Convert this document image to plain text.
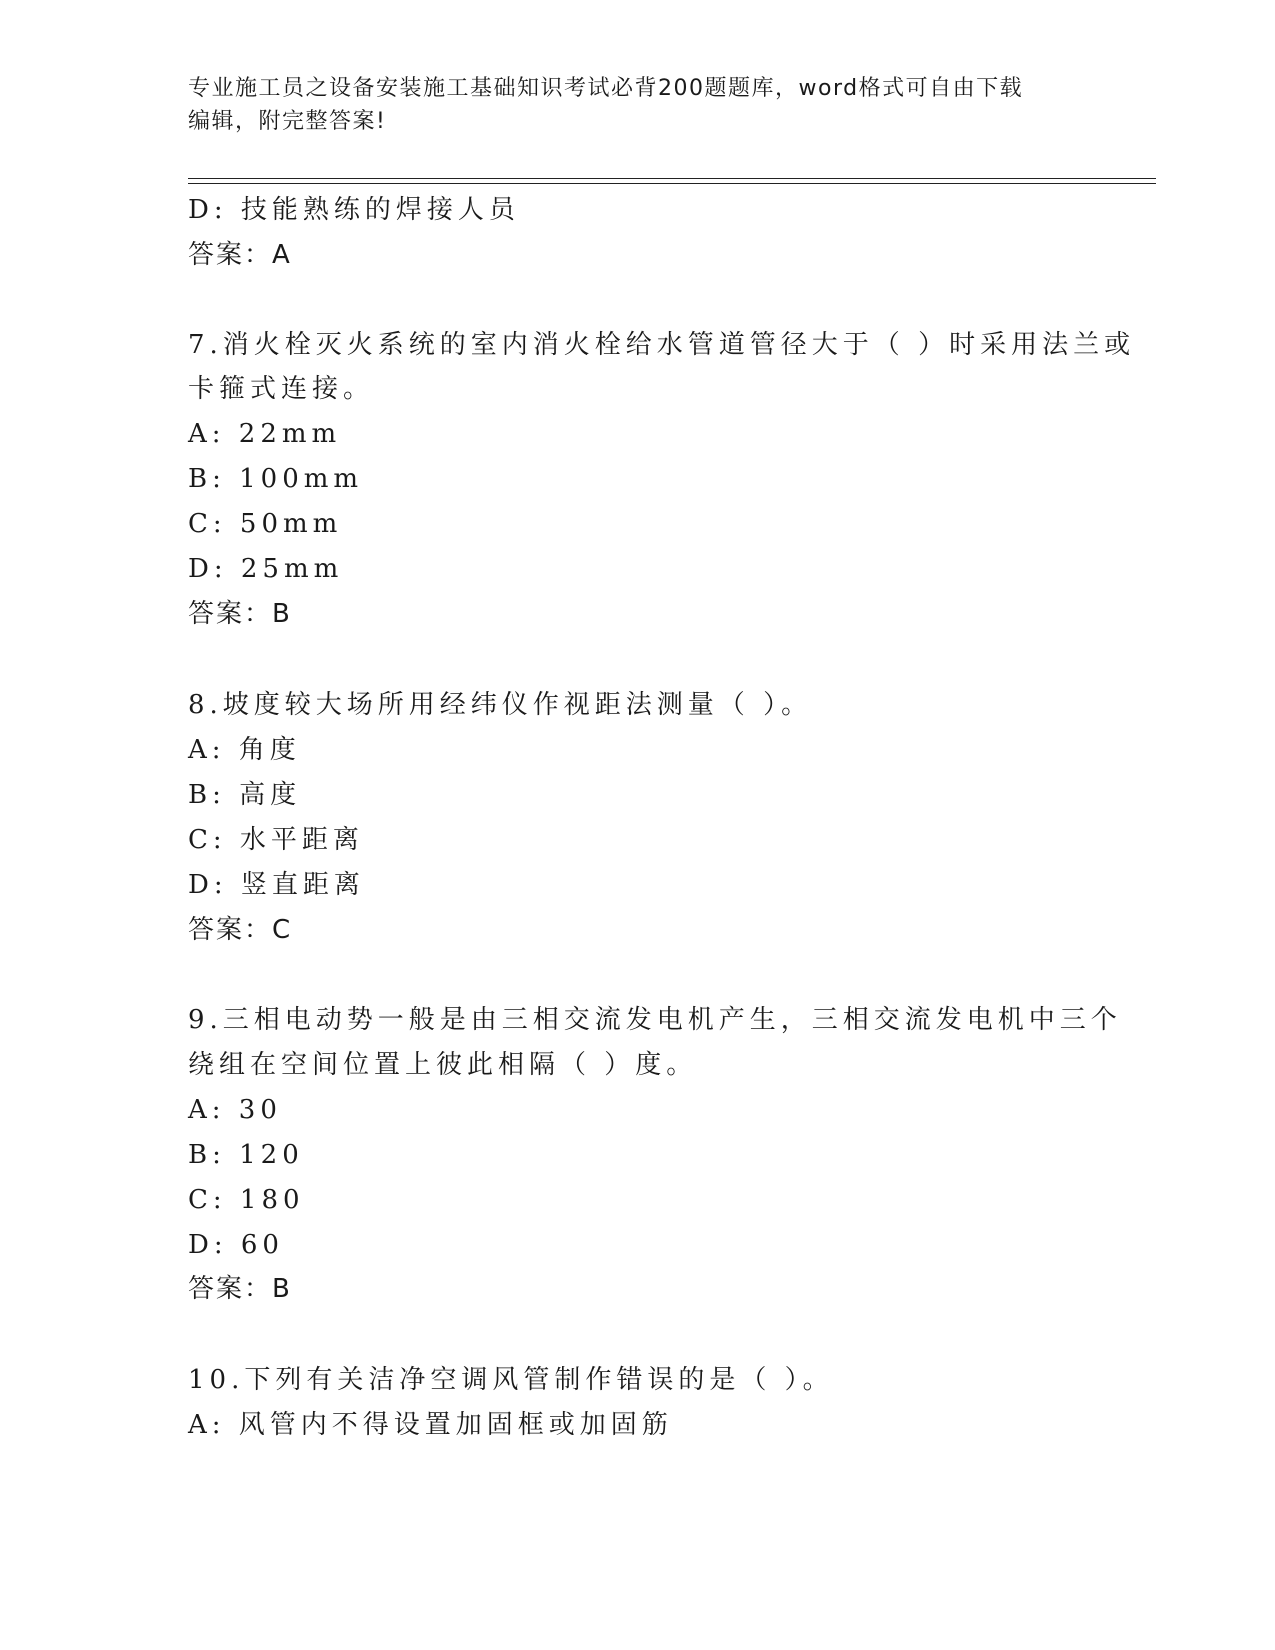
专业施工员之设备安装施工基础知识考试必背200题题库，word格式可自由下载
编辑，附完整答案!
D: 技能熟练的焊接人员
答案：A
7.消火栓灭火系统的室内消火栓给水管道管径大于（ ）时采用法兰或
卡箍式连接。
A: 22mm
B: 100mm
C: 50mm
D: 25mm
答案：B
8.坡度较大场所用经纬仪作视距法测量（ ）。
A: 角度
B: 高度
C: 水平距离
D: 竖直距离
答案：C
9.三相电动势一般是由三相交流发电机产生，三相交流发电机中三个
绕组在空间位置上彼此相隔（ ）度。
A: 30
B: 120
C: 180
D: 60
答案：B
10.下列有关洁净空调风管制作错误的是（ ）。
A: 风管内不得设置加固框或加固筋
